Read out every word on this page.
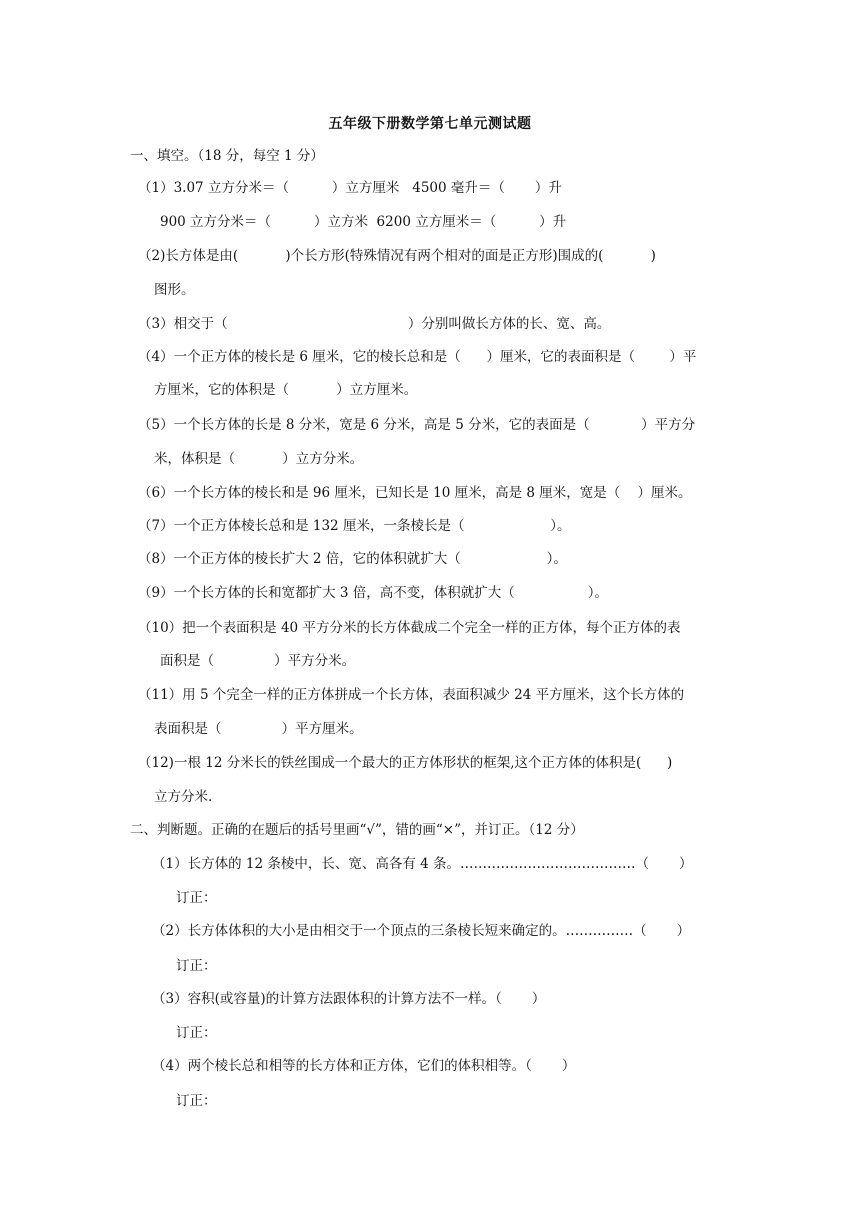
五年级下册数学第七单元测试题
一、填空。（18 分，每空 1 分）
（1）3.07 立方分米＝（          ）立方厘米   4500 毫升＝（       ）升
900 立方分米＝（          ）立方米  6200 立方厘米＝（          ）升
（2)长方体是由(           )个长方形(特殊情况有两个相对的面是正方形)围成的(           )
图形。
（3）相交于（                                          ）分别叫做长方体的长、宽、高。
（4）一个正方体的棱长是 6 厘米，它的棱长总和是（      ）厘米，它的表面积是（        ）平
方厘米，它的体积是（           ）立方厘米。
（5）一个长方体的长是 8 分米，宽是 6 分米，高是 5 分米，它的表面是（            ）平方分
米，体积是（           ）立方分米。
（6）一个长方体的棱长和是 96 厘米，已知长是 10 厘米，高是 8 厘米，宽是（    ）厘米。
（7）一个正方体棱长总和是 132 厘米，一条棱长是（                    ）。
（8）一个正方体的棱长扩大 2 倍，它的体积就扩大（                    ）。
（9）一个长方体的长和宽都扩大 3 倍，高不变，体积就扩大（                 ）。
（10）把一个表面积是 40 平方分米的长方体截成二个完全一样的正方体，每个正方体的表
面积是（              ）平方分米。
（11）用 5 个完全一样的正方体拼成一个长方体，表面积减少 24 平方厘米，这个长方体的
表面积是（              ）平方厘米。
（12)一根 12 分米长的铁丝围成一个最大的正方体形状的框架,这个正方体的体积是(      )
立方分米.
二、判断题。正确的在题后的括号里画“√”，错的画“×”，并订正。（12 分）
（1）长方体的 12 条棱中，长、宽、高各有 4 条。…………………………………（       ）
订正：
（2）长方体体积的大小是由相交于一个顶点的三条棱长短来确定的。……………（       ）
订正：
（3）容积(或容量)的计算方法跟体积的计算方法不一样。（       ）
订正：
（4）两个棱长总和相等的长方体和正方体，它们的体积相等。（       ）
订正：
